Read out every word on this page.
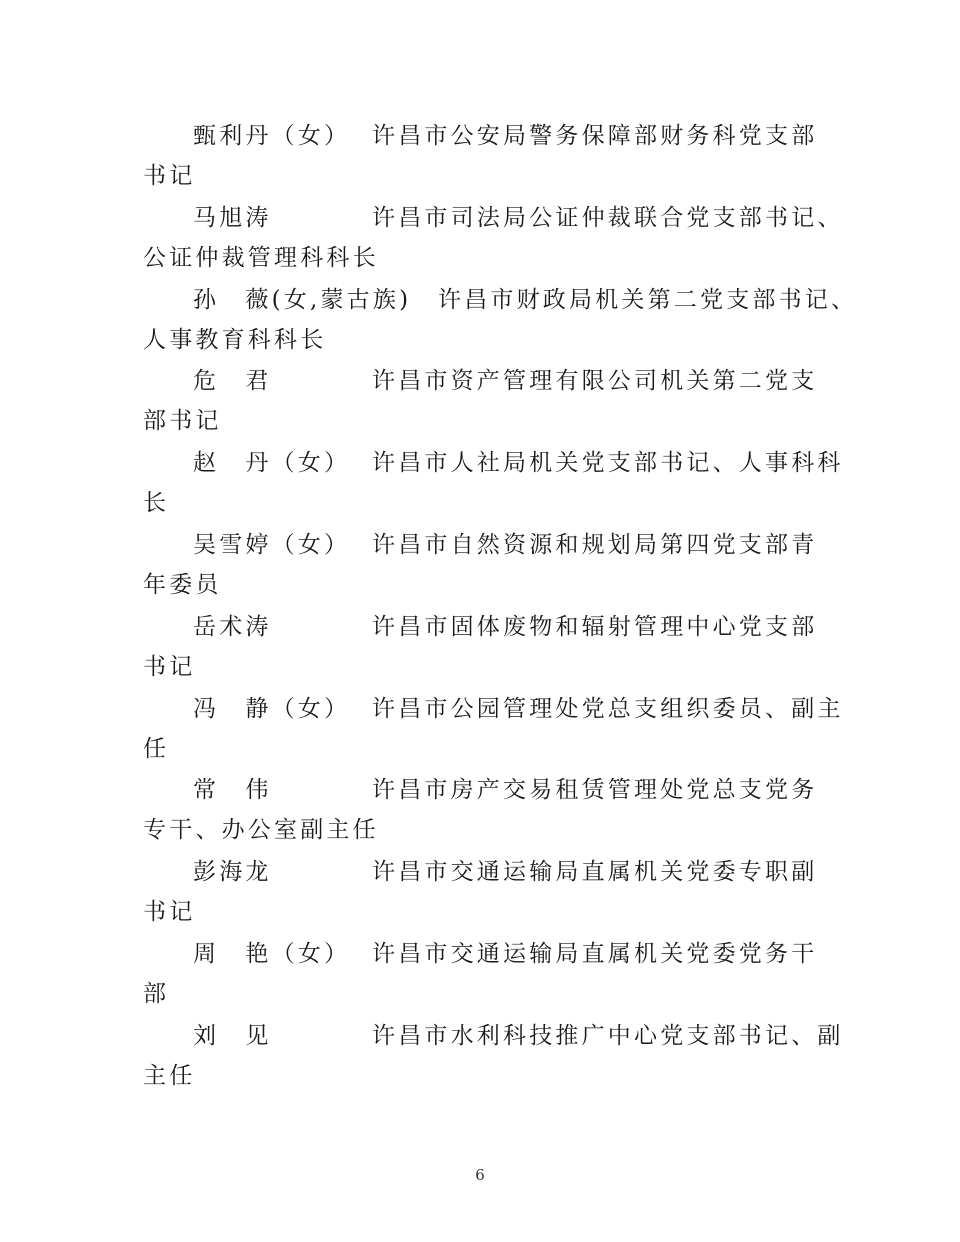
甄利丹（女） 许昌市公安局警务保障部财务科党支部
书记
马旭涛	许昌市司法局公证仲裁联合党支部书记、
公证仲裁管理科科长
孙　薇(女,蒙古族) 许昌市财政局机关第二党支部书记、
人事教育科科长
危　君	许昌市资产管理有限公司机关第二党支
部书记
赵　丹（女） 许昌市人社局机关党支部书记、人事科科
长
吴雪婷（女） 许昌市自然资源和规划局第四党支部青
年委员
岳术涛	许昌市固体废物和辐射管理中心党支部
书记
冯　静（女） 许昌市公园管理处党总支组织委员、副主
任
常　伟	许昌市房产交易租赁管理处党总支党务
专干、办公室副主任
彭海龙	许昌市交通运输局直属机关党委专职副
书记
周　艳（女） 许昌市交通运输局直属机关党委党务干
部
刘　见	许昌市水利科技推广中心党支部书记、副
主任
6
